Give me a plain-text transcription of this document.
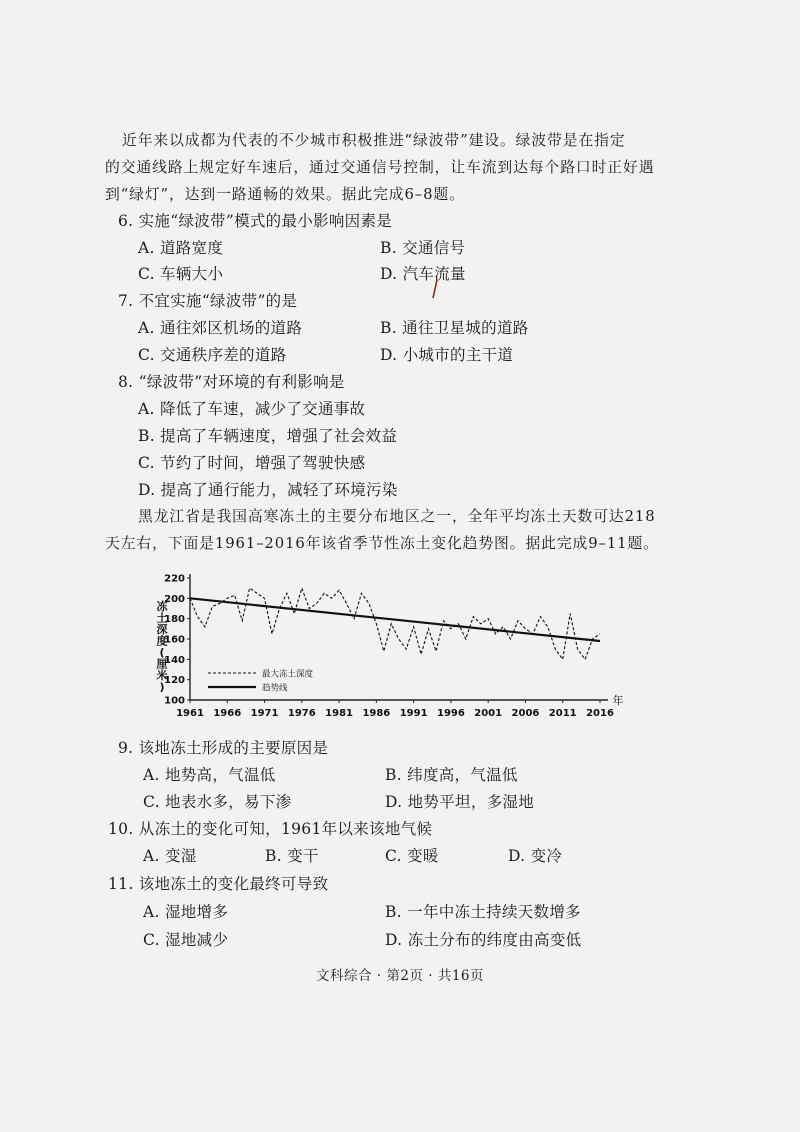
近年来以成都为代表的不少城市积极推进“绿波带”建设。绿波带是在指定
的交通线路上规定好车速后，通过交通信号控制，让车流到达每个路口时正好遇
到“绿灯”，达到一路通畅的效果。据此完成6–8题。
6. 实施“绿波带”模式的最小影响因素是
A. 道路宽度	B. 交通信号
C. 车辆大小	D. 汽车流量
7. 不宜实施“绿波带”的是
A. 通往郊区机场的道路	B. 通往卫星城的道路
C. 交通秩序差的道路	D. 小城市的主干道
8. “绿波带”对环境的有利影响是
A. 降低了车速，减少了交通事故
B. 提高了车辆速度，增强了社会效益
C. 节约了时间，增强了驾驶快感
D. 提高了通行能力，减轻了环境污染
黑龙江省是我国高寒冻土的主要分布地区之一，全年平均冻土天数可达218
天左右，下面是1961–2016年该省季节性冻土变化趋势图。据此完成9–11题。
100
120
140
160
180
200
220
1961 1966 1971 1976 1981 1986 1991 1996 2001 2006 2011 2016
冻
土
深
度
(
厘
米
)
年
最大冻土深度
趋势线
9. 该地冻土形成的主要原因是
A. 地势高，气温低	B. 纬度高，气温低
C. 地表水多，易下渗	D. 地势平坦，多湿地
10. 从冻土的变化可知，1961年以来该地气候
A. 变湿	B. 变干	C. 变暖	D. 变冷
11. 该地冻土的变化最终可导致
A. 湿地增多	B. 一年中冻土持续天数增多
C. 湿地减少	D. 冻土分布的纬度由高变低
文科综合 · 第2页 · 共16页
